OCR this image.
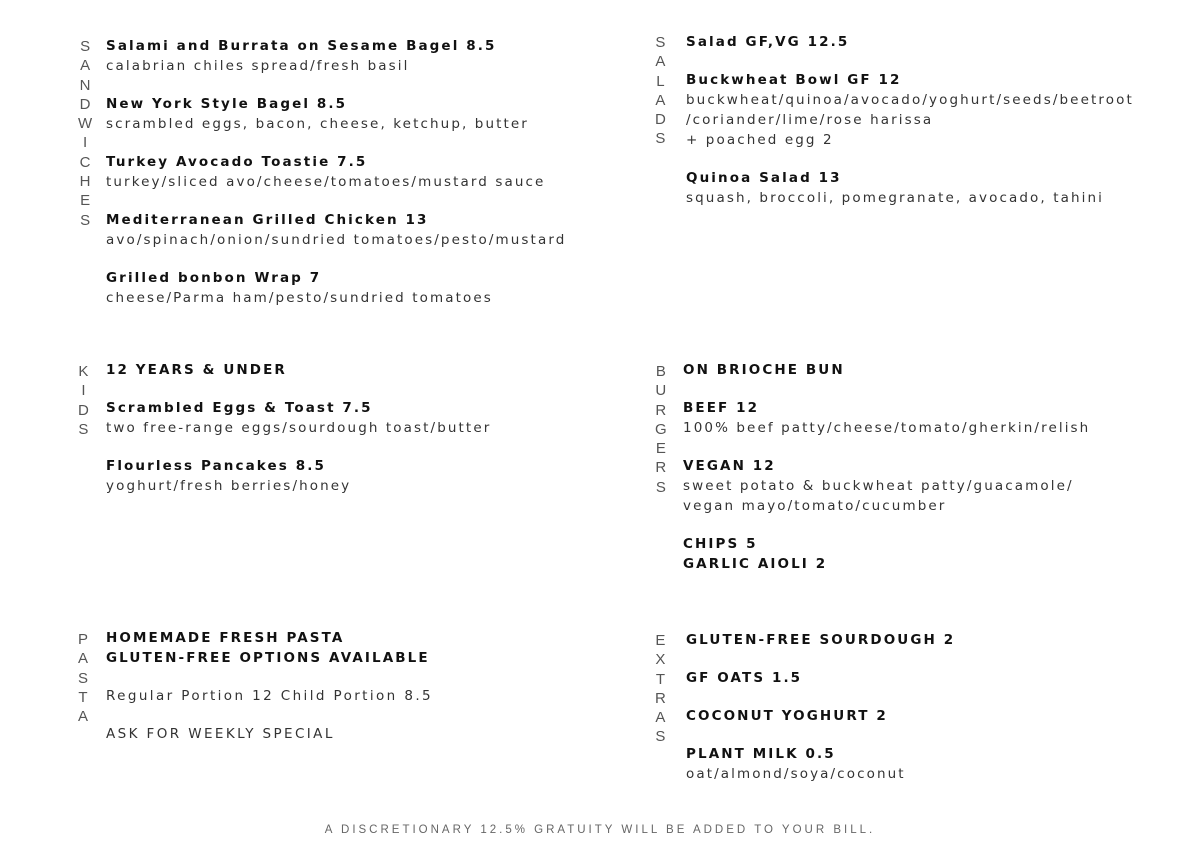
S
A
N
D
W
I
C
H
E
S
Salami and Burrata on Sesame Bagel 8.5
calabrian chiles spread/fresh basil
New York Style Bagel 8.5
scrambled eggs, bacon, cheese, ketchup, butter
Turkey Avocado Toastie 7.5
turkey/sliced avo/cheese/tomatoes/mustard sauce
Mediterranean Grilled Chicken 13
avo/spinach/onion/sundried tomatoes/pesto/mustard
Grilled bonbon Wrap 7
cheese/Parma ham/pesto/sundried tomatoes
S
A
L
A
D
S
Salad GF,VG 12.5
Buckwheat Bowl GF 12
buckwheat/quinoa/avocado/yoghurt/seeds/beetroot
/coriander/lime/rose harissa
+ poached egg 2
Quinoa Salad 13
squash, broccoli, pomegranate, avocado, tahini
K
I
D
S
12 YEARS & UNDER
Scrambled Eggs & Toast 7.5
two free-range eggs/sourdough toast/butter
Flourless Pancakes 8.5
yoghurt/fresh berries/honey
B
U
R
G
E
R
S
ON BRIOCHE BUN
BEEF 12
100% beef patty/cheese/tomato/gherkin/relish
VEGAN 12
sweet potato & buckwheat patty/guacamole/
vegan mayo/tomato/cucumber
CHIPS 5
GARLIC AIOLI 2
P
A
S
T
A
HOMEMADE FRESH PASTA
GLUTEN-FREE OPTIONS AVAILABLE
Regular Portion 12 Child Portion 8.5
ASK FOR WEEKLY SPECIAL
E
X
T
R
A
S
GLUTEN-FREE SOURDOUGH 2
GF OATS 1.5
COCONUT YOGHURT 2
PLANT MILK 0.5
oat/almond/soya/coconut
A DISCRETIONARY 12.5% GRATUITY WILL BE ADDED TO YOUR BILL.
